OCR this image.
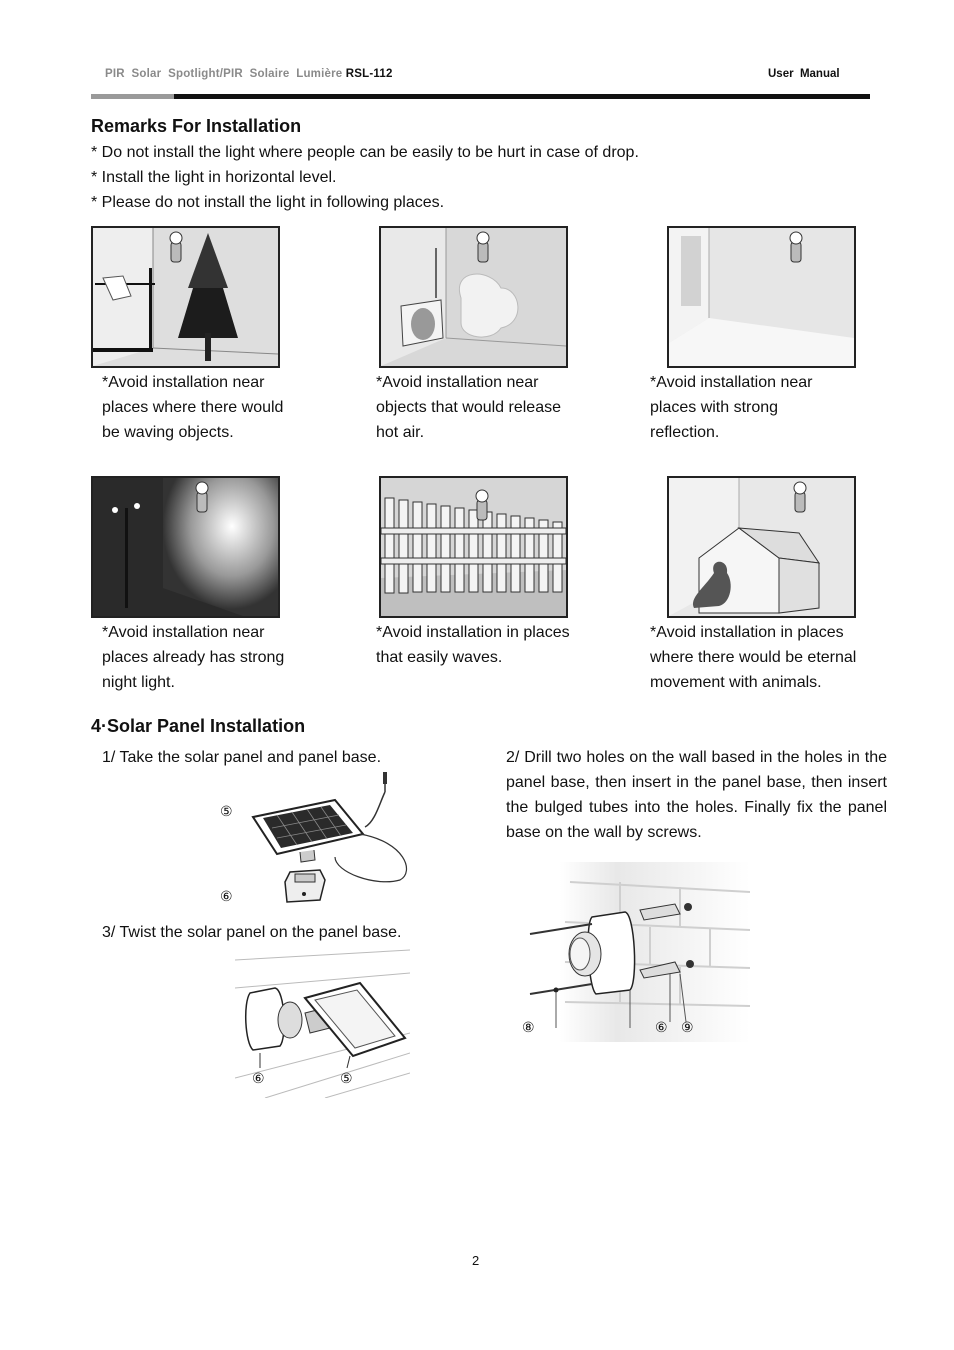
PIR  Solar  Spotlight/PIR  Solaire  Lumière RSL-112	User  Manual
Remarks For Installation
* Do not install the light where people can be easily to be hurt in case of drop.
* Install the light in horizontal level.
* Please do not install the light in following places.
*Avoid installation near
places where there would
be waving objects.
*Avoid installation near
objects that would release
hot air.
*Avoid installation near
places with strong
reflection.
*Avoid installation near
places already has strong
night light.
*Avoid installation in places
that easily waves.
*Avoid installation in places
where there would be eternal
movement with animals.
4·Solar Panel Installation
1/ Take the solar panel and panel base.	2/ Drill two holes on the wall based in the holes in the panel base, then insert in the panel base, then insert the bulged tubes into the holes. Finally fix the panel base on the wall by screws.
⑤
⑥
3/ Twist the solar panel on the panel base.
⑥	⑤
⑧	⑥ ⑨
2
